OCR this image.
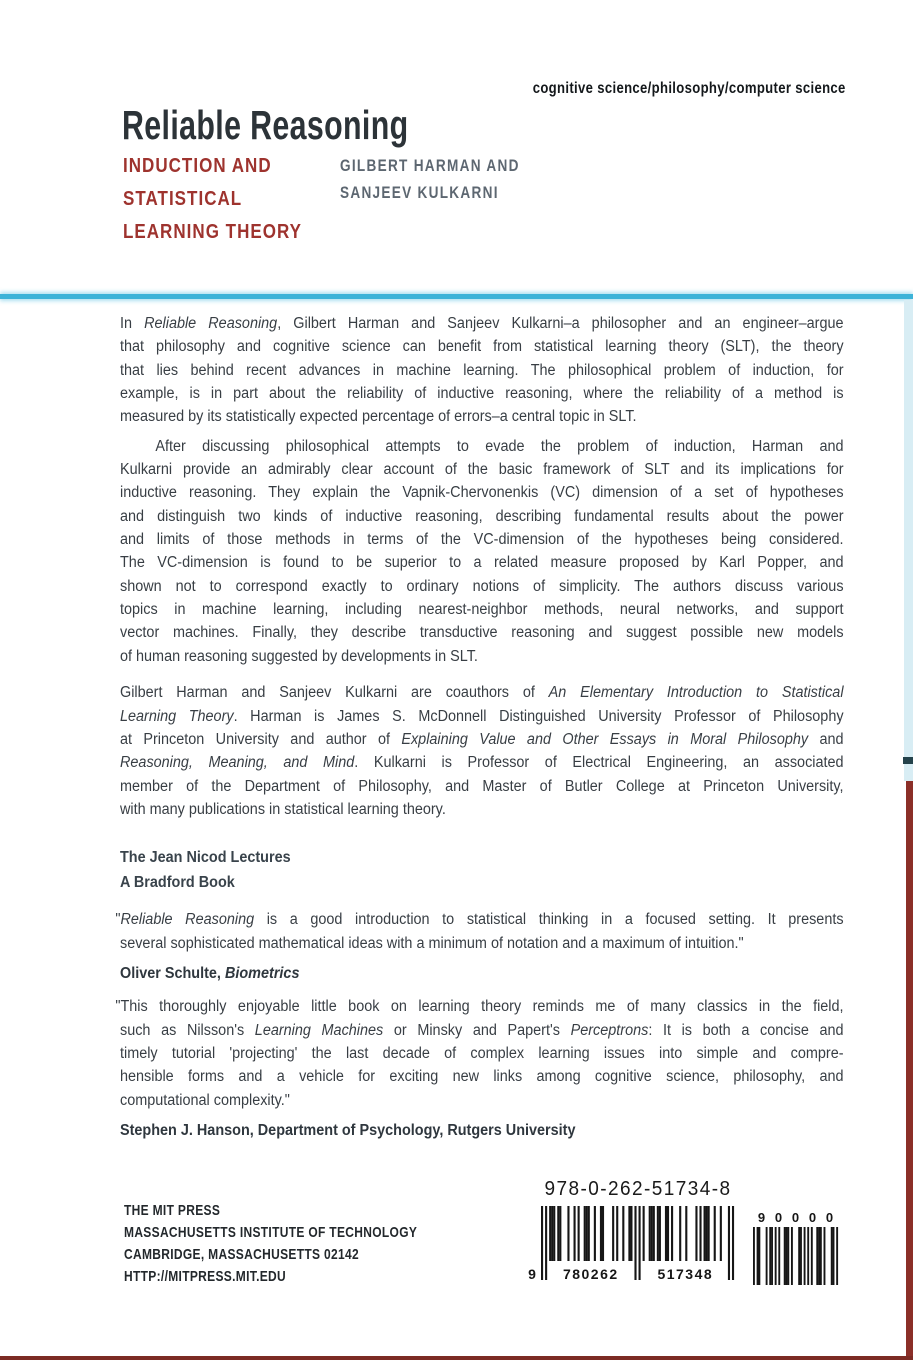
Reliable Reasoning
cognitive science/philosophy/computer science
INDUCTION AND
STATISTICAL
LEARNING THEORY
GILBERT HARMAN AND
SANJEEV KULKARNI
In Reliable Reasoning, Gilbert Harman and Sanjeev Kulkarni–a philosopher and an engineer–argue
that philosophy and cognitive science can benefit from statistical learning theory (SLT), the theory
that lies behind recent advances in machine learning. The philosophical problem of induction, for
example, is in part about the reliability of inductive reasoning, where the reliability of a method is
measured by its statistically expected percentage of errors–a central topic in SLT.
After discussing philosophical attempts to evade the problem of induction, Harman and
Kulkarni provide an admirably clear account of the basic framework of SLT and its implications for
inductive reasoning. They explain the Vapnik-Chervonenkis (VC) dimension of a set of hypotheses
and distinguish two kinds of inductive reasoning, describing fundamental results about the power
and limits of those methods in terms of the VC-dimension of the hypotheses being considered.
The VC-dimension is found to be superior to a related measure proposed by Karl Popper, and
shown not to correspond exactly to ordinary notions of simplicity. The authors discuss various
topics in machine learning, including nearest-neighbor methods, neural networks, and support
vector machines. Finally, they describe transductive reasoning and suggest possible new models
of human reasoning suggested by developments in SLT.
Gilbert Harman and Sanjeev Kulkarni are coauthors of An Elementary Introduction to Statistical
Learning Theory. Harman is James S. McDonnell Distinguished University Professor of Philosophy
at Princeton University and author of Explaining Value and Other Essays in Moral Philosophy and
Reasoning, Meaning, and Mind. Kulkarni is Professor of Electrical Engineering, an associated
member of the Department of Philosophy, and Master of Butler College at Princeton University,
with many publications in statistical learning theory.
The Jean Nicod Lectures
A Bradford Book
"Reliable Reasoning is a good introduction to statistical thinking in a focused setting. It presents
several sophisticated mathematical ideas with a minimum of notation and a maximum of intuition."
Oliver Schulte, Biometrics
"This thoroughly enjoyable little book on learning theory reminds me of many classics in the field,
such as Nilsson's Learning Machines or Minsky and Papert's Perceptrons: It is both a concise and
timely tutorial 'projecting' the last decade of complex learning issues into simple and compre-
hensible forms and a vehicle for exciting new links among cognitive science, philosophy, and
computational complexity."
Stephen J. Hanson, Department of Psychology, Rutgers University
THE MIT PRESS
MASSACHUSETTS INSTITUTE OF TECHNOLOGY
CAMBRIDGE, MASSACHUSETTS 02142
HTTP://MITPRESS.MIT.EDU
978-0-262-51734-8
9 780262	517348
9 0 0 0 0
